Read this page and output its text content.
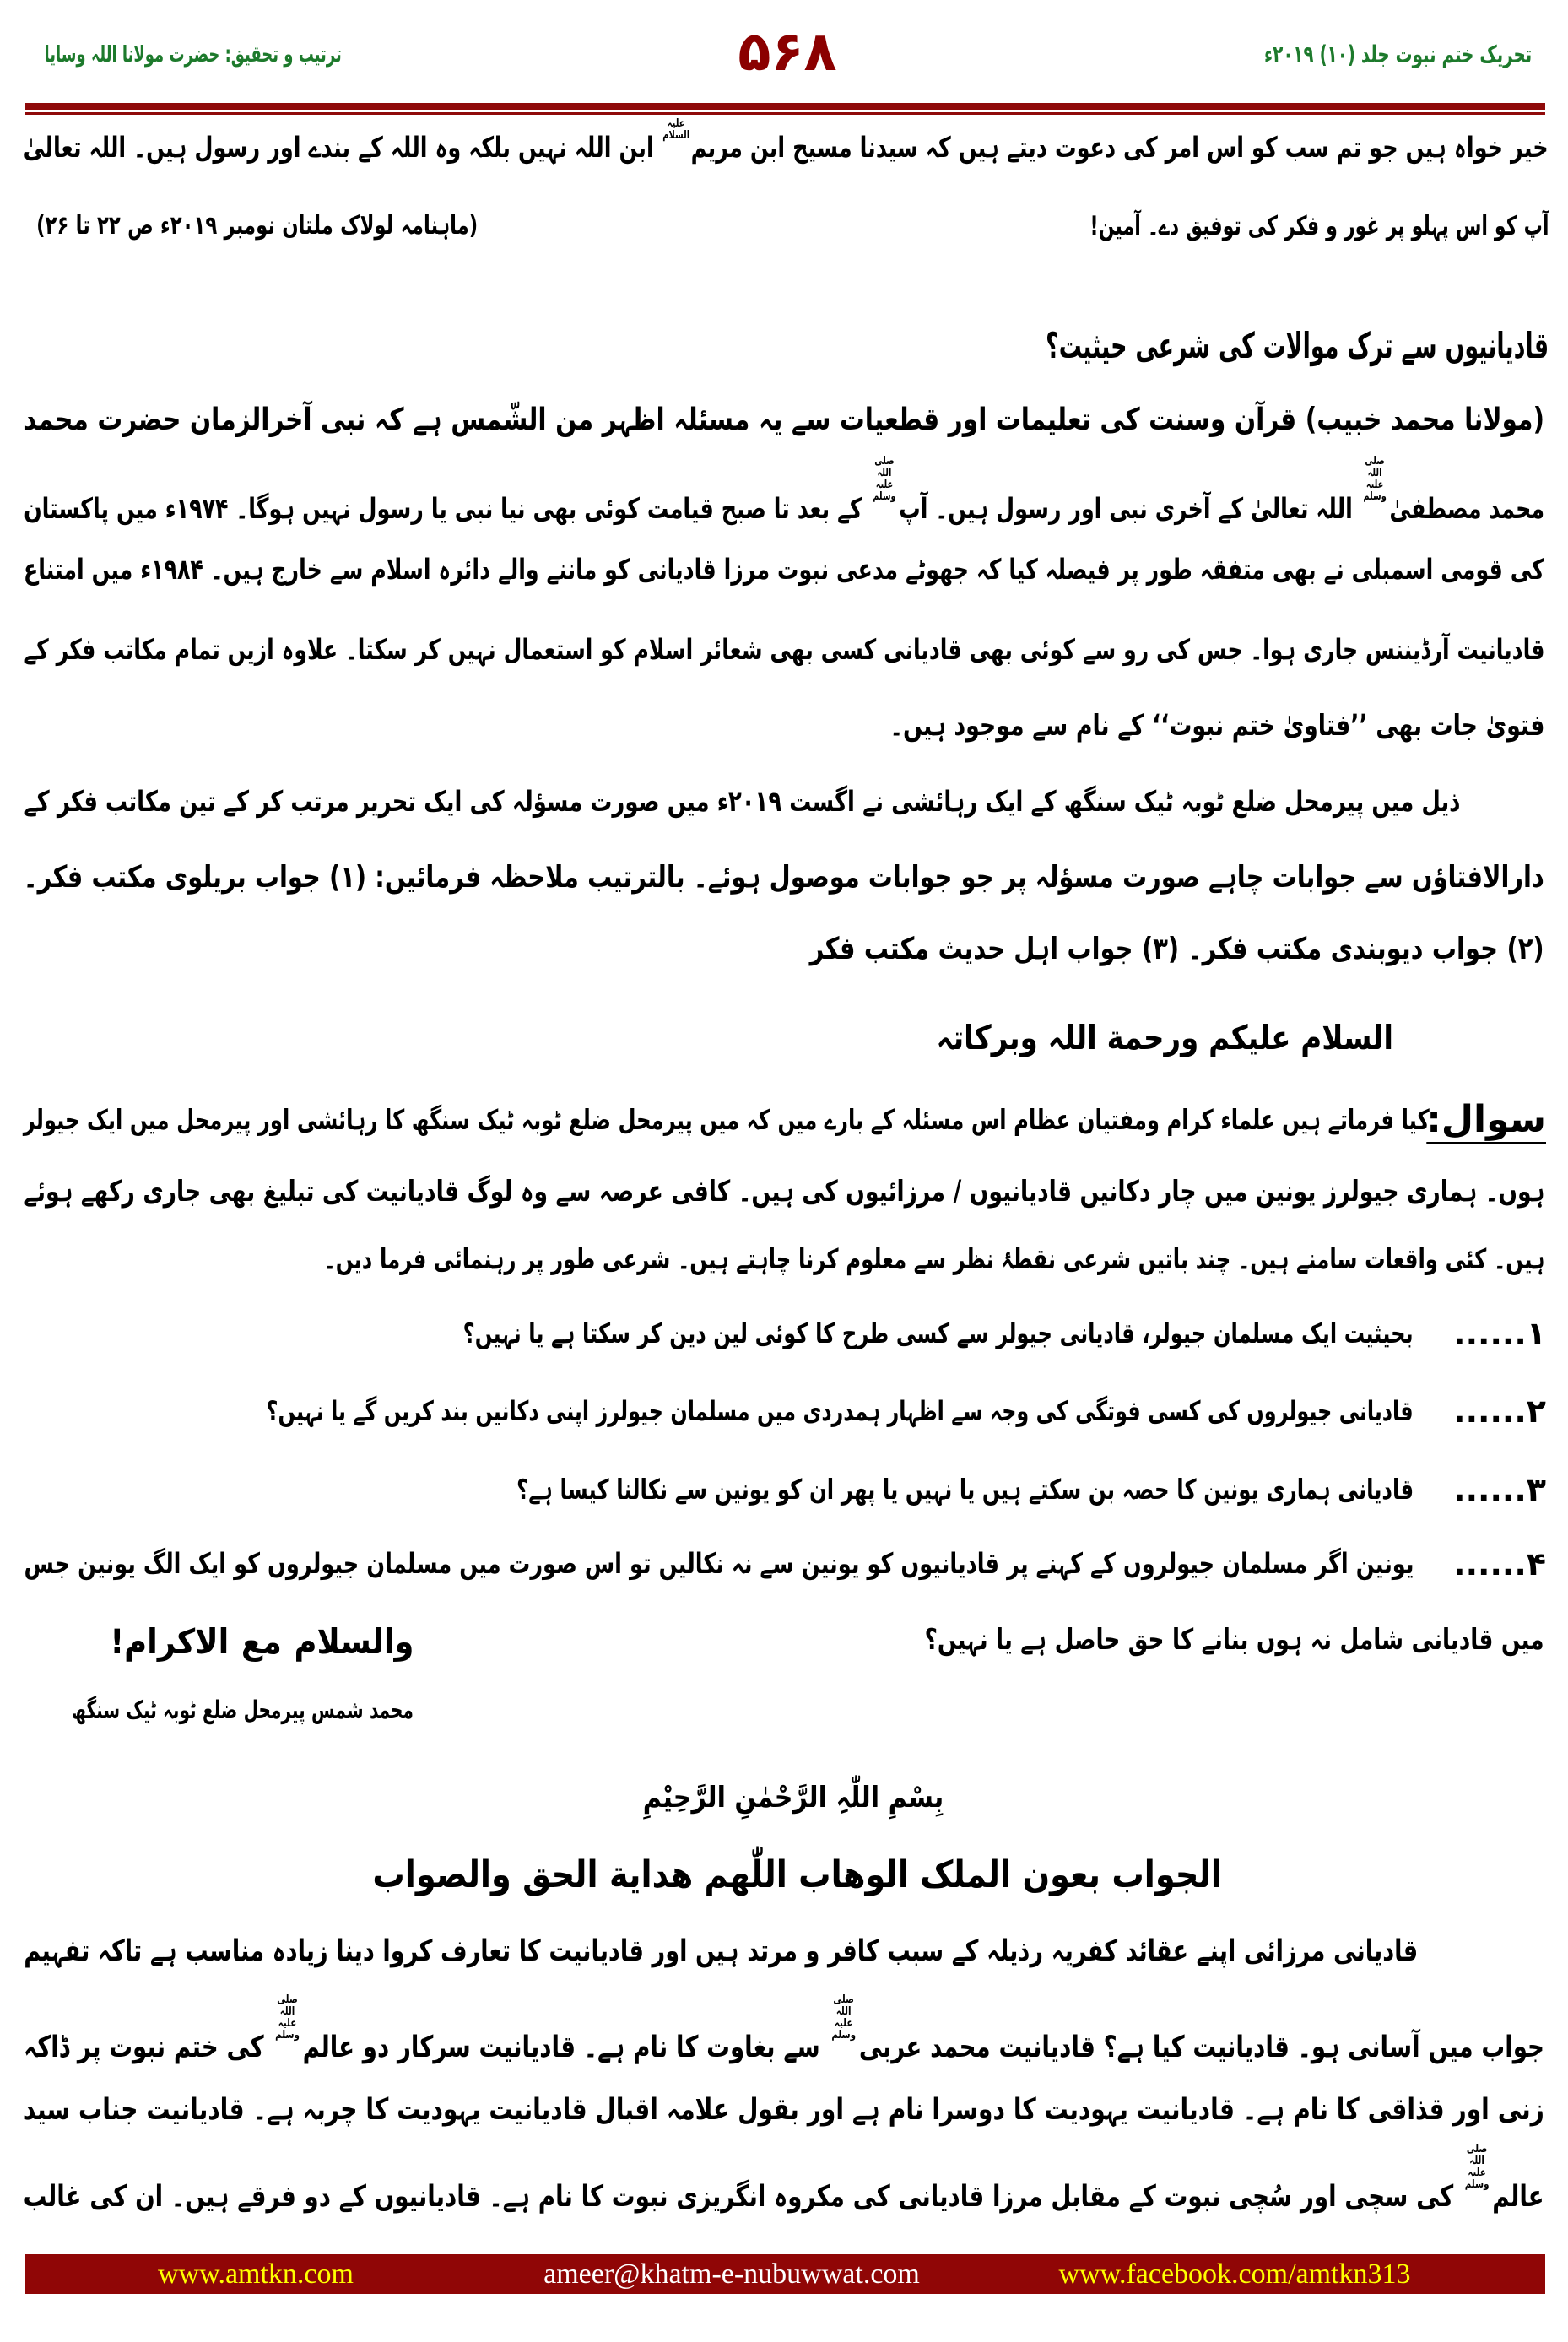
تحریک ختم نبوت جلد (۱۰) ۲۰۱۹ء
۵۶۸
ترتیب و تحقیق: حضرت مولانا اللہ وسایا
خیر خواہ ہیں جو تم سب کو اس امر کی دعوت دیتے ہیں کہ سیدنا مسیح ابن مریمعلیہ السلام ابن اللہ نہیں بلکہ وہ اللہ کے بندے اور رسول ہیں۔ اللہ تعالیٰ
آپ کو اس پہلو پر غور و فکر کی توفیق دے۔ آمین!
(ماہنامہ لولاک ملتان نومبر ۲۰۱۹ء ص ۲۲ تا ۲۶)
قادیانیوں سے ترک موالات کی شرعی حیثیت؟
(مولانا محمد خبیب) قرآن وسنت کی تعلیمات اور قطعیات سے یہ مسئلہ اظہر من الشّمس ہے کہ نبی آخرالزمان حضرت محمد
محمد مصطفیٰصلی اللہ علیہ وسلم اللہ تعالیٰ کے آخری نبی اور رسول ہیں۔ آپصلی اللہ علیہ وسلم کے بعد تا صبح قیامت کوئی بھی نیا نبی یا رسول نہیں ہوگا۔ ۱۹۷۴ء میں پاکستان
کی قومی اسمبلی نے بھی متفقہ طور پر فیصلہ کیا کہ جھوٹے مدعی نبوت مرزا قادیانی کو ماننے والے دائرہ اسلام سے خارج ہیں۔ ۱۹۸۴ء میں امتناع
قادیانیت آرڈیننس جاری ہوا۔ جس کی رو سے کوئی بھی قادیانی کسی بھی شعائر اسلام کو استعمال نہیں کر سکتا۔ علاوہ ازیں تمام مکاتب فکر کے
فتویٰ جات بھی ’’فتاویٰ ختم نبوت‘‘ کے نام سے موجود ہیں۔
ذیل میں پیرمحل ضلع ٹوبہ ٹیک سنگھ کے ایک رہائشی نے اگست ۲۰۱۹ء میں صورت مسؤلہ کی ایک تحریر مرتب کر کے تین مکاتب فکر کے
دارالافتاؤں سے جوابات چاہے صورت مسؤلہ پر جو جوابات موصول ہوئے۔ بالترتیب ملاحظہ فرمائیں: (۱) جواب بریلوی مکتب فکر۔
(۲) جواب دیوبندی مکتب فکر۔ (۳) جواب اہل حدیث مکتب فکر
السلام علیکم ورحمة اللہ وبرکاتہ
سوال:
کیا فرماتے ہیں علماء کرام ومفتیان عظام اس مسئلہ کے بارے میں کہ میں پیرمحل ضلع ٹوبہ ٹیک سنگھ کا رہائشی اور پیرمحل میں ایک جیولر
ہوں۔ ہماری جیولرز یونین میں چار دکانیں قادیانیوں / مرزائیوں کی ہیں۔ کافی عرصہ سے وہ لوگ قادیانیت کی تبلیغ بھی جاری رکھے ہوئے
ہیں۔ کئی واقعات سامنے ہیں۔ چند باتیں شرعی نقطۂ نظر سے معلوم کرنا چاہتے ہیں۔ شرعی طور پر رہنمائی فرما دیں۔
۱......
بحیثیت ایک مسلمان جیولر، قادیانی جیولر سے کسی طرح کا کوئی لین دین کر سکتا ہے یا نہیں؟
۲......
قادیانی جیولروں کی کسی فوتگی کی وجہ سے اظہار ہمدردی میں مسلمان جیولرز اپنی دکانیں بند کریں گے یا نہیں؟
۳......
قادیانی ہماری یونین کا حصہ بن سکتے ہیں یا نہیں یا پھر ان کو یونین سے نکالنا کیسا ہے؟
۴......
یونین اگر مسلمان جیولروں کے کہنے پر قادیانیوں کو یونین سے نہ نکالیں تو اس صورت میں مسلمان جیولروں کو ایک الگ یونین جس
میں قادیانی شامل نہ ہوں بنانے کا حق حاصل ہے یا نہیں؟
والسلام مع الاکرام!
محمد شمس پیرمحل ضلع ٹوبہ ٹیک سنگھ
بِسْمِ اللّٰہِ الرَّحْمٰنِ الرَّحِیْمِ
الجواب بعون الملک الوهاب اللّٰهم هداية الحق والصواب
قادیانی مرزائی اپنے عقائد کفریہ رذیلہ کے سبب کافر و مرتد ہیں اور قادیانیت کا تعارف کروا دینا زیادہ مناسب ہے تاکہ تفہیم
جواب میں آسانی ہو۔ قادیانیت کیا ہے؟ قادیانیت محمد عربیصلی اللہ علیہ وسلم سے بغاوت کا نام ہے۔ قادیانیت سرکار دو عالمصلی اللہ علیہ وسلم کی ختم نبوت پر ڈاکہ
زنی اور قذاقی کا نام ہے۔ قادیانیت یہودیت کا دوسرا نام ہے اور بقول علامہ اقبال قادیانیت یہودیت کا چربہ ہے۔ قادیانیت جناب سید
عالمصلی اللہ علیہ وسلم کی سچی اور سُچی نبوت کے مقابل مرزا قادیانی کی مکروہ انگریزی نبوت کا نام ہے۔ قادیانیوں کے دو فرقے ہیں۔ ان کی غالب
www.amtkn.com	ameer@khatm-e-nubuwwat.com	www.facebook.com/amtkn313
